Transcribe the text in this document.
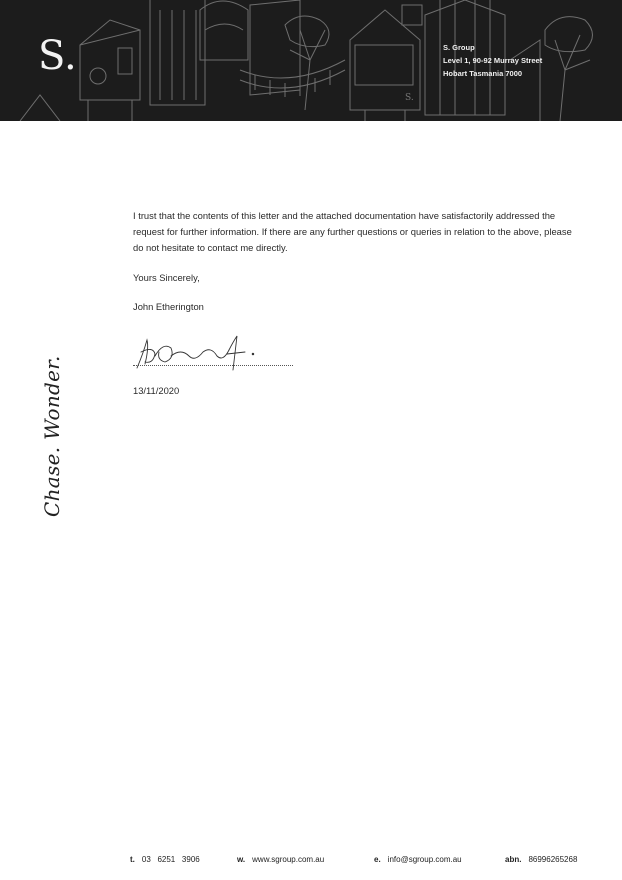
S.
S.	S. Group
Level 1, 90-92 Murray Street
Hobart Tasmania 7000
Chase. Wonder.

I trust that the contents of this letter and the attached documentation have satisfactorily addressed the request for further information. If there are any further questions or queries in relation to the above, please do not hesitate to contact me directly.

Yours Sincerely,
John Etherington
13/11/2020
t. 03   6251   3906	w. www.sgroup.com.au	e. info@sgroup.com.au	abn. 86996265268
